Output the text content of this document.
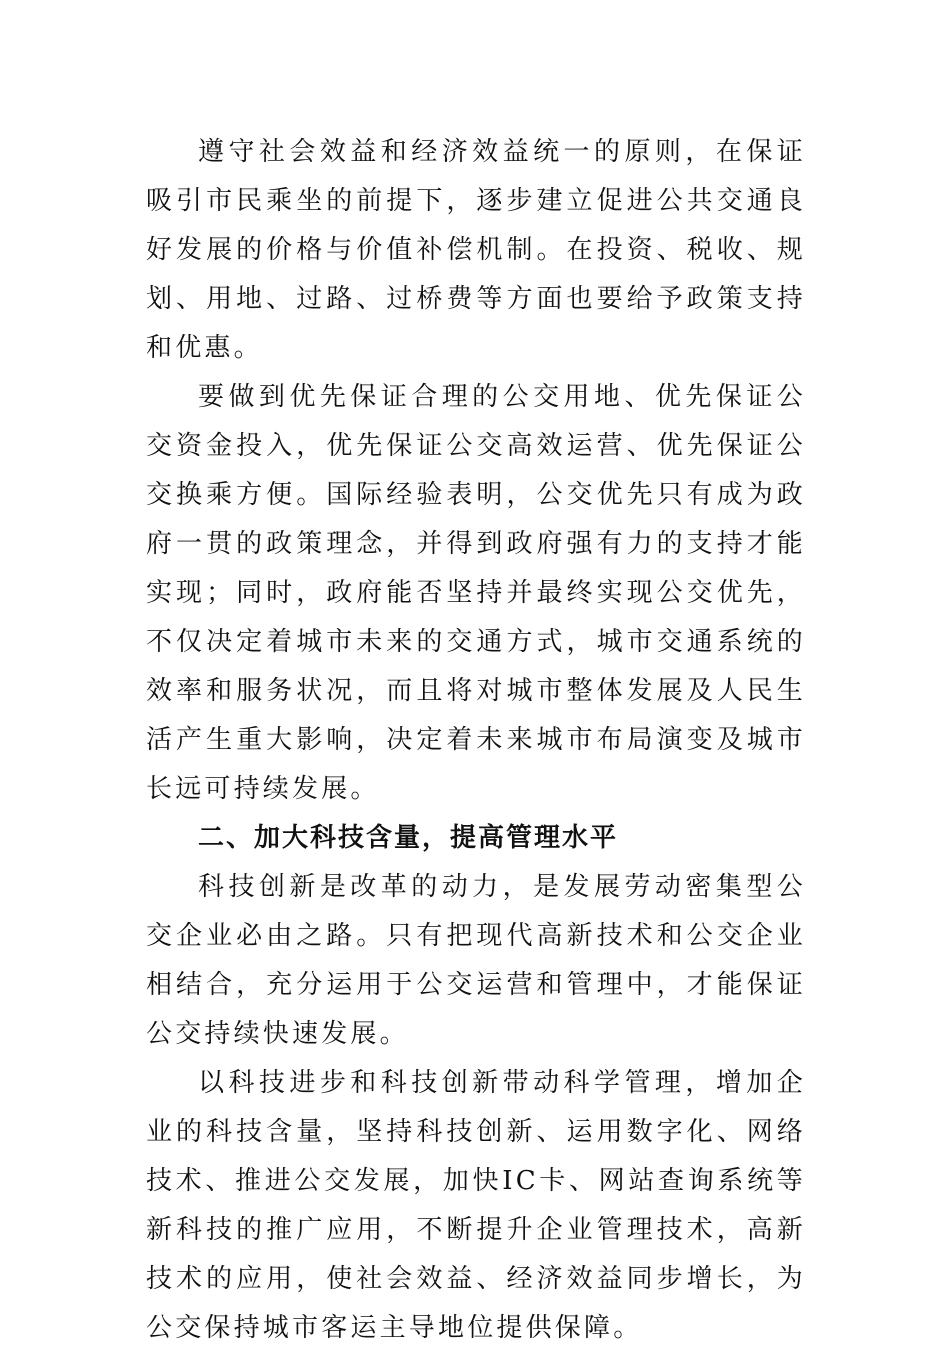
遵守社会效益和经济效益统一的原则，在保证吸引市民乘坐的前提下，逐步建立促进公共交通良好发展的价格与价值补偿机制。在投资、税收、规划、用地、过路、过桥费等方面也要给予政策支持和优惠。

要做到优先保证合理的公交用地、优先保证公交资金投入，优先保证公交高效运营、优先保证公交换乘方便。国际经验表明，公交优先只有成为政府一贯的政策理念，并得到政府强有力的支持才能实现；同时，政府能否坚持并最终实现公交优先，不仅决定着城市未来的交通方式，城市交通系统的效率和服务状况，而且将对城市整体发展及人民生活产生重大影响，决定着未来城市布局演变及城市长远可持续发展。

二、加大科技含量，提高管理水平

科技创新是改革的动力，是发展劳动密集型公交企业必由之路。只有把现代高新技术和公交企业相结合，充分运用于公交运营和管理中，才能保证公交持续快速发展。

以科技进步和科技创新带动科学管理，增加企业的科技含量，坚持科技创新、运用数字化、网络技术、推进公交发展，加快IC卡、网站查询系统等新科技的推广应用，不断提升企业管理技术，高新技术的应用，使社会效益、经济效益同步增长，为公交保持城市客运主导地位提供保障。
